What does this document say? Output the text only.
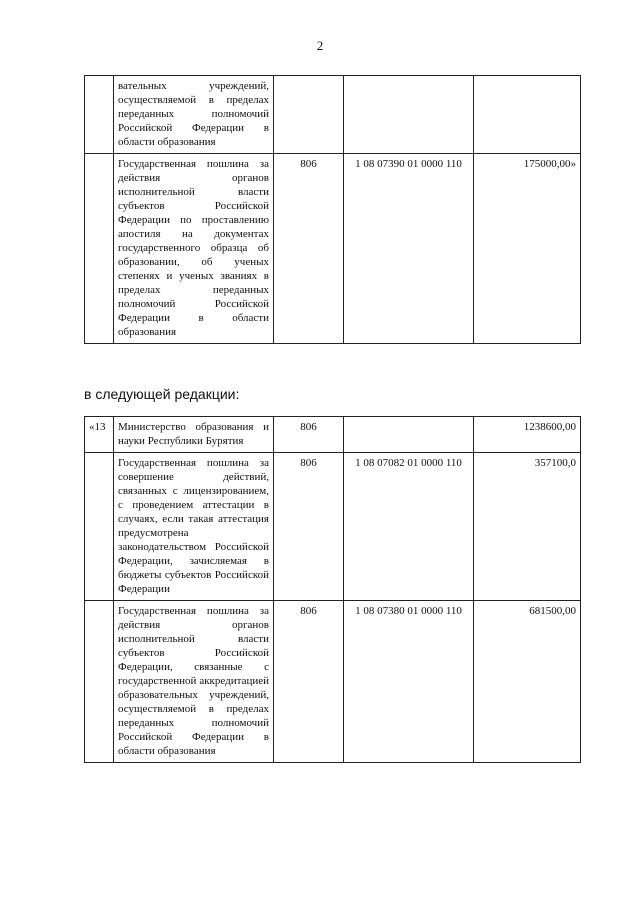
2
	вательных учреждений, осуществляемой в пределах переданных полномочий Российской Федерации в области образования			
	Государственная пошлина за действия органов исполнительной власти субъектов Российской Федерации по проставлению апостиля на документах государственного образца об образовании, об ученых степенях и ученых званиях в пределах переданных полномочий Российской Федерации в области образования	806	1 08 07390 01 0000 110	175000,00»
в следующей редакции:
«13	Министерство образования и науки Республики Бурятия	806		1238600,00
	Государственная пошлина за совершение действий, связанных с лицензированием, с проведением аттестации в случаях, если такая аттестация предусмотрена законодательством Российской Федерации, зачисляемая в бюджеты субъектов Российской Федерации	806	1 08 07082 01 0000 110	357100,0
	Государственная пошлина за действия органов исполнительной власти субъектов Российской Федерации, связанные с государственной аккредитацией образовательных учреждений, осуществляемой в пределах переданных полномочий Российской Федерации в области образования	806	1 08 07380 01 0000 110	681500,00
